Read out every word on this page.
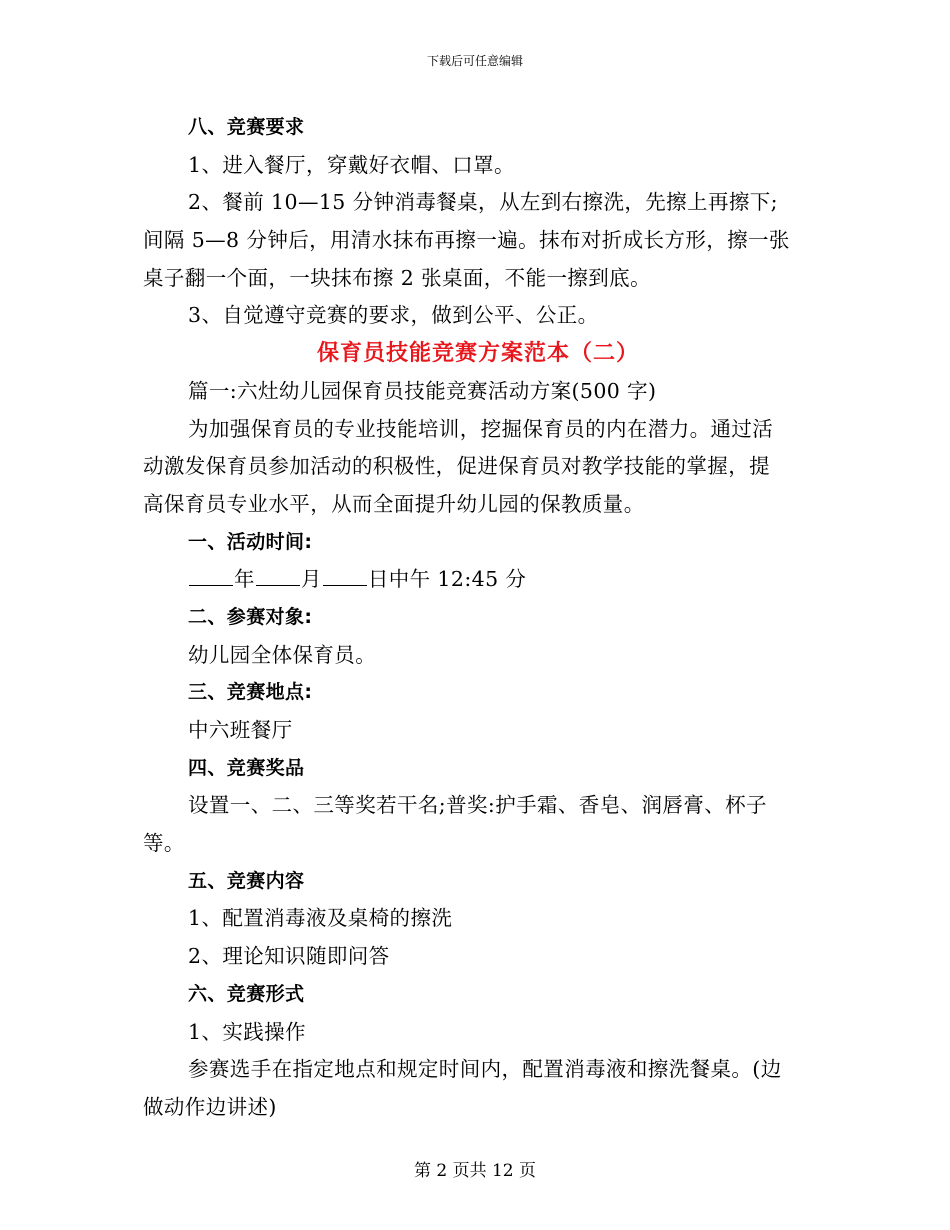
下载后可任意编辑
八、竞赛要求
1、进入餐厅，穿戴好衣帽、口罩。
2、餐前 10—15 分钟消毒餐桌，从左到右擦洗，先擦上再擦下;
间隔 5—8 分钟后，用清水抹布再擦一遍。抹布对折成长方形，擦一张
桌子翻一个面，一块抹布擦 2 张桌面，不能一擦到底。
3、自觉遵守竞赛的要求，做到公平、公正。
保育员技能竞赛方案范本（二）
篇一:六灶幼儿园保育员技能竞赛活动方案(500 字)
为加强保育员的专业技能培训，挖掘保育员的内在潜力。通过活
动激发保育员参加活动的积极性，促进保育员对教学技能的掌握，提
高保育员专业水平，从而全面提升幼儿园的保教质量。
一、活动时间:
年 月 日中午 12:45 分
二、参赛对象:
幼儿园全体保育员。
三、竞赛地点:
中六班餐厅
四、竞赛奖品
设置一、二、三等奖若干名;普奖:护手霜、香皂、润唇膏、杯子
等。
五、竞赛内容
1、配置消毒液及桌椅的擦洗
2、理论知识随即问答
六、竞赛形式
1、实践操作
参赛选手在指定地点和规定时间内，配置消毒液和擦洗餐桌。(边
做动作边讲述)
第 2 页共 12 页
